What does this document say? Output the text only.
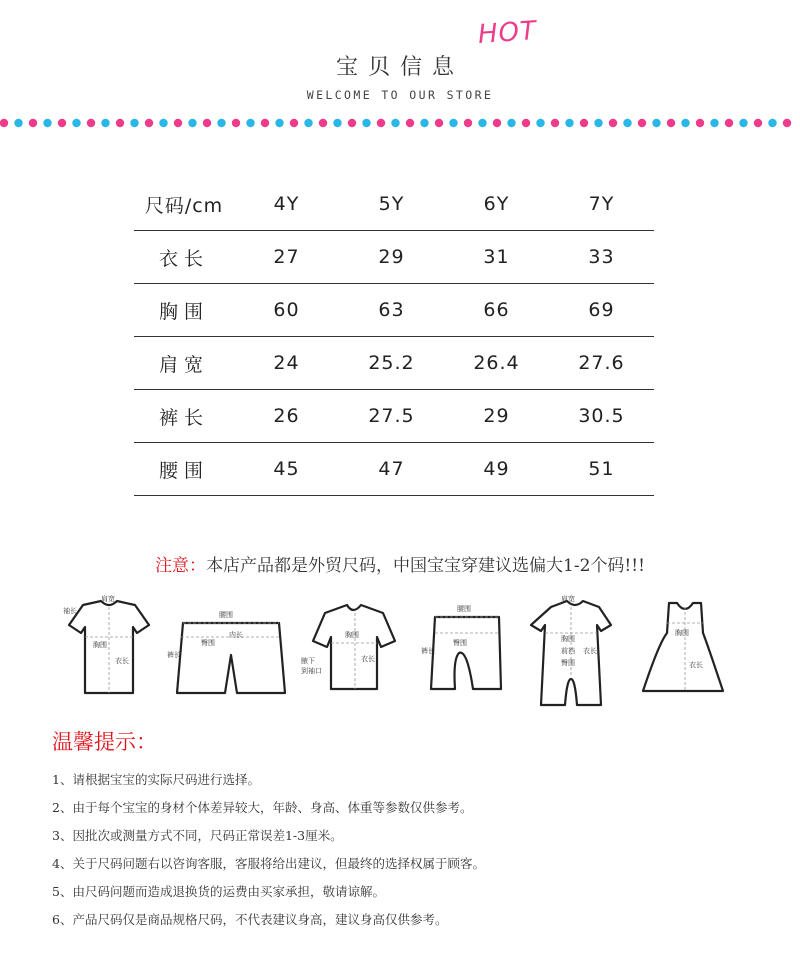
宝贝信息
HOT
WELCOME TO OUR STORE
尺码/cm	4Y	5Y	6Y	7Y
衣长	27	29	31	33
胸围	60	63	66	69
肩宽	24	25.2	26.4	27.6
裤长	26	27.5	29	30.5
腰围	45	47	49	51
注意：本店产品都是外贸尺码，中国宝宝穿建议选偏大1-2个码!!!
袖长
肩宽
胸围
衣长
腰围
臀围
内长
裤长
胸围
腋下
到袖口
衣长
腰围
臀围
裤长
肩宽
胸围
前裆
臀围
衣长
胸围
衣长
温馨提示：
1、请根据宝宝的实际尺码进行选择。
2、由于每个宝宝的身材个体差异较大，年龄、身高、体重等参数仅供参考。
3、因批次或测量方式不同，尺码正常误差1-3厘米。
4、关于尺码问题右以咨询客服，客服将给出建议，但最终的选择权属于顾客。
5、由尺码问题而造成退换货的运费由买家承担，敬请谅解。
6、产品尺码仅是商品规格尺码，不代表建议身高，建议身高仅供参考。
